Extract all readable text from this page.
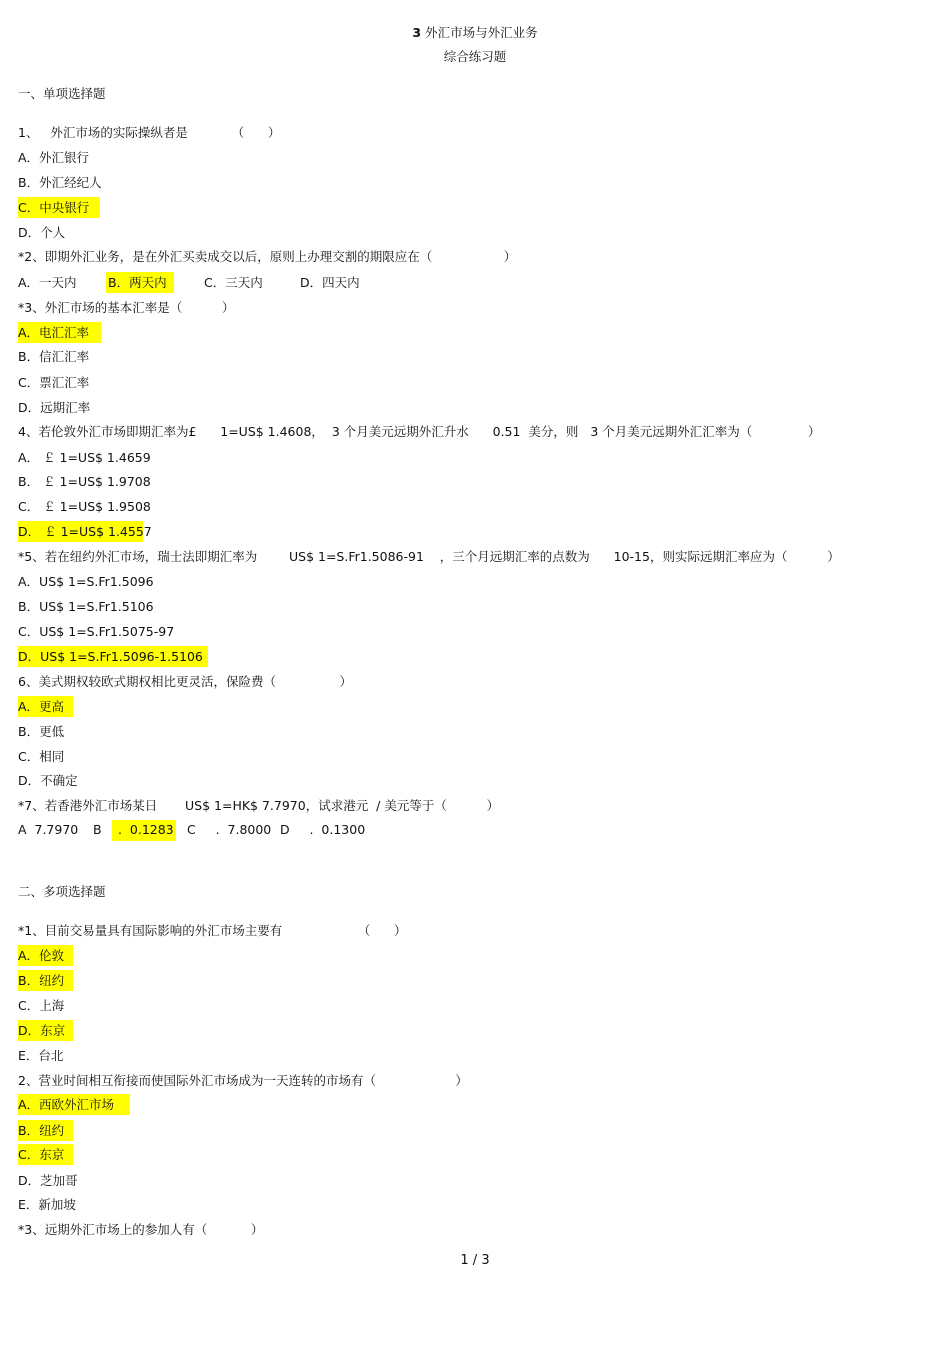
3 外汇市场与外汇业务
综合练习题
一、单项选择题
1、   外汇市场的实际操纵者是           （      ）
A．外汇银行
B．外汇经纪人
C．中央银行
D．个人
*2、即期外汇业务，是在外汇买卖成交以后，原则上办理交割的期限应在（                  ）
A．一天内	B．两天内	C．三天内	D．四天内
*3、外汇市场的基本汇率是（          ）
A．电汇汇率
B．信汇汇率
C．票汇汇率
D．远期汇率
4、若伦敦外汇市场即期汇率为£      1=US$ 1.4608，  3 个月美元远期外汇升水      0.51  美分，则   3 个月美元远期外汇汇率为（              ）
A． ￡ 1=US$ 1.4659
B． ￡ 1=US$ 1.9708
C． ￡ 1=US$ 1.9508
D． ￡ 1=US$ 1.4557
*5、若在纽约外汇市场，瑞士法即期汇率为        US$ 1=S.Fr1.5086-91    ，三个月远期汇率的点数为      10-15，则实际远期汇率应为（          ）
A．US$ 1=S.Fr1.5096
B．US$ 1=S.Fr1.5106
C．US$ 1=S.Fr1.5075-97
D．US$ 1=S.Fr1.5096-1.5106
6、美式期权较欧式期权相比更灵活，保险费（                ）
A．更高
B．更低
C．相同
D．不确定
*7、若香港外汇市场某日       US$ 1=HK$ 7.7970，试求港元  / 美元等于（          ）
A  7.7970 B .  0.1283 C     .  7.8000 D     .  0.1300
二、多项选择题
*1、目前交易量具有国际影响的外汇市场主要有                   （      ）
A．伦敦
B．纽约
C．上海
D．东京
E．台北
2、营业时间相互衔接而使国际外汇市场成为一天连转的市场有（                    ）
A．西欧外汇市场
B．纽约
C．东京
D．芝加哥
E．新加坡
*3、远期外汇市场上的参加人有（           ）
1 / 3
